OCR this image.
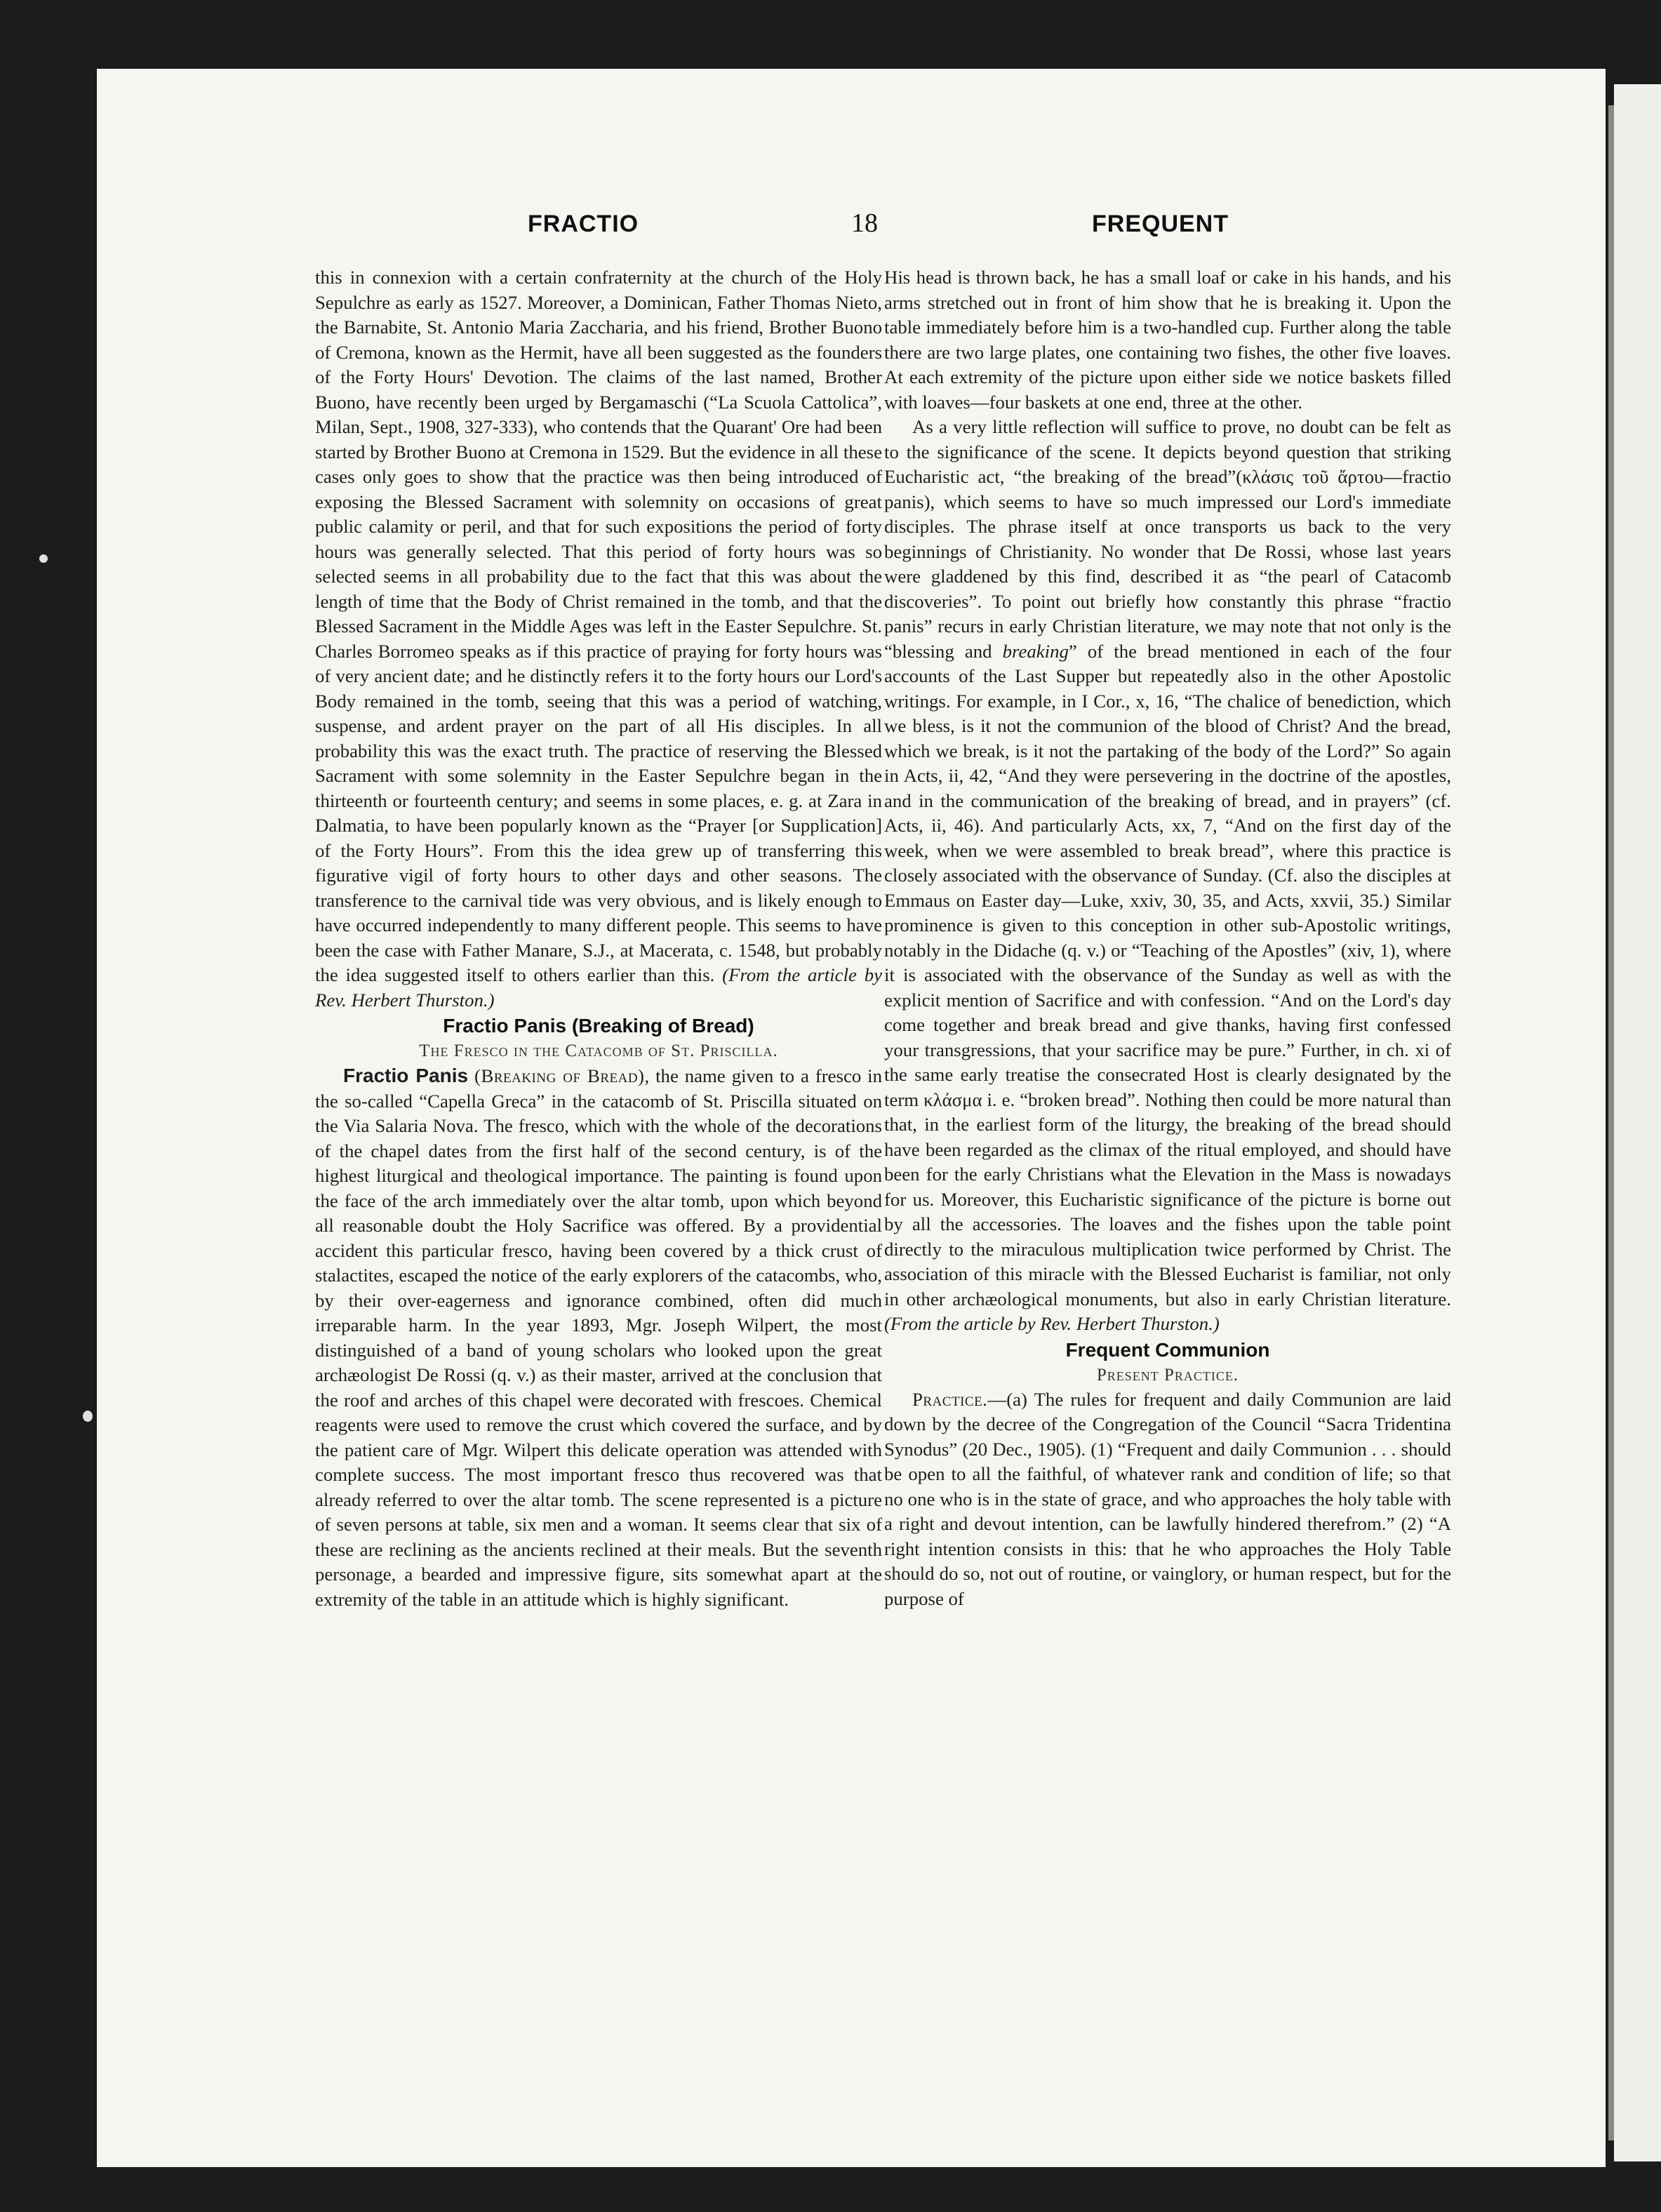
FRACTIO	18	FREQUENT

this in connexion with a certain confraternity at the church of the Holy Sepulchre as early as 1527. Moreover, a Dominican, Father Thomas Nieto, the Barnabite, St. Antonio Maria Zaccharia, and his friend, Brother Buono of Cremona, known as the Hermit, have all been suggested as the founders of the Forty Hours' Devotion. The claims of the last named, Brother Buono, have recently been urged by Bergamaschi (“La Scuola Cattolica”, Milan, Sept., 1908, 327-333), who contends that the Quarant' Ore had been started by Brother Buono at Cremona in 1529. But the evidence in all these cases only goes to show that the practice was then being introduced of exposing the Blessed Sacrament with solemnity on occasions of great public calamity or peril, and that for such expositions the period of forty hours was generally selected. That this period of forty hours was so selected seems in all probability due to the fact that this was about the length of time that the Body of Christ remained in the tomb, and that the Blessed Sacrament in the Middle Ages was left in the Easter Sepulchre. St. Charles Borromeo speaks as if this practice of praying for forty hours was of very ancient date; and he distinctly refers it to the forty hours our Lord's Body remained in the tomb, seeing that this was a period of watching, suspense, and ardent prayer on the part of all His disciples. In all probability this was the exact truth. The practice of reserving the Blessed Sacrament with some solemnity in the Easter Sepulchre began in the thirteenth or fourteenth century; and seems in some places, e. g. at Zara in Dalmatia, to have been popularly known as the “Prayer [or Supplication] of the Forty Hours”. From this the idea grew up of transferring this figurative vigil of forty hours to other days and other seasons. The transference to the carnival tide was very obvious, and is likely enough to have occurred independently to many different people. This seems to have been the case with Father Manare, S.J., at Macerata, c. 1548, but probably the idea suggested itself to others earlier than this. (From the article by Rev. Herbert Thurston.)

Fractio Panis (Breaking of Bread)

The Fresco in the Catacomb of St. Priscilla.

Fractio Panis (Breaking of Bread), the name given to a fresco in the so-called “Capella Greca” in the catacomb of St. Priscilla situated on the Via Salaria Nova. The fresco, which with the whole of the decorations of the chapel dates from the first half of the second century, is of the highest liturgical and theological importance. The painting is found upon the face of the arch immediately over the altar tomb, upon which beyond all reasonable doubt the Holy Sacrifice was offered. By a providential accident this particular fresco, having been covered by a thick crust of stalactites, escaped the notice of the early explorers of the catacombs, who, by their over-eagerness and ignorance combined, often did much irreparable harm. In the year 1893, Mgr. Joseph Wilpert, the most distinguished of a band of young scholars who looked upon the great archæologist De Rossi (q. v.) as their master, arrived at the conclusion that the roof and arches of this chapel were decorated with frescoes. Chemical reagents were used to remove the crust which covered the surface, and by the patient care of Mgr. Wilpert this delicate operation was attended with complete success. The most important fresco thus recovered was that already referred to over the altar tomb. The scene represented is a picture of seven persons at table, six men and a woman. It seems clear that six of these are reclining as the ancients reclined at their meals. But the seventh personage, a bearded and impressive figure, sits somewhat apart at the extremity of the table in an attitude which is highly significant.

His head is thrown back, he has a small loaf or cake in his hands, and his arms stretched out in front of him show that he is breaking it. Upon the table immediately before him is a two-handled cup. Further along the table there are two large plates, one containing two fishes, the other five loaves. At each extremity of the picture upon either side we notice baskets filled with loaves—four baskets at one end, three at the other.

As a very little reflection will suffice to prove, no doubt can be felt as to the significance of the scene. It depicts beyond question that striking Eucharistic act, “the breaking of the bread”(κλάσις τοῦ ἄρτου—fractio panis), which seems to have so much impressed our Lord's immediate disciples. The phrase itself at once transports us back to the very beginnings of Christianity. No wonder that De Rossi, whose last years were gladdened by this find, described it as “the pearl of Catacomb discoveries”. To point out briefly how constantly this phrase “fractio panis” recurs in early Christian literature, we may note that not only is the “blessing and breaking” of the bread mentioned in each of the four accounts of the Last Supper but repeatedly also in the other Apostolic writings. For example, in I Cor., x, 16, “The chalice of benediction, which we bless, is it not the communion of the blood of Christ? And the bread, which we break, is it not the partaking of the body of the Lord?” So again in Acts, ii, 42, “And they were persevering in the doctrine of the apostles, and in the communication of the breaking of bread, and in prayers” (cf. Acts, ii, 46). And particularly Acts, xx, 7, “And on the first day of the week, when we were assembled to break bread”, where this practice is closely associated with the observance of Sunday. (Cf. also the disciples at Emmaus on Easter day—Luke, xxiv, 30, 35, and Acts, xxvii, 35.) Similar prominence is given to this conception in other sub-Apostolic writings, notably in the Didache (q. v.) or “Teaching of the Apostles” (xiv, 1), where it is associated with the observance of the Sunday as well as with the explicit mention of Sacrifice and with confession. “And on the Lord's day come together and break bread and give thanks, having first confessed your transgressions, that your sacrifice may be pure.” Further, in ch. xi of the same early treatise the consecrated Host is clearly designated by the term κλάσμα i. e. “broken bread”. Nothing then could be more natural than that, in the earliest form of the liturgy, the breaking of the bread should have been regarded as the climax of the ritual employed, and should have been for the early Christians what the Elevation in the Mass is nowadays for us. Moreover, this Eucharistic significance of the picture is borne out by all the accessories. The loaves and the fishes upon the table point directly to the miraculous multiplication twice performed by Christ. The association of this miracle with the Blessed Eucharist is familiar, not only in other archæological monuments, but also in early Christian literature. (From the article by Rev. Herbert Thurston.)

Frequent Communion

Present Practice.

Practice.—(a) The rules for frequent and daily Communion are laid down by the decree of the Congregation of the Council “Sacra Tridentina Synodus” (20 Dec., 1905). (1) “Frequent and daily Communion . . . should be open to all the faithful, of whatever rank and condition of life; so that no one who is in the state of grace, and who approaches the holy table with a right and devout intention, can be lawfully hindered therefrom.” (2) “A right intention consists in this: that he who approaches the Holy Table should do so, not out of routine, or vainglory, or human respect, but for the purpose of
